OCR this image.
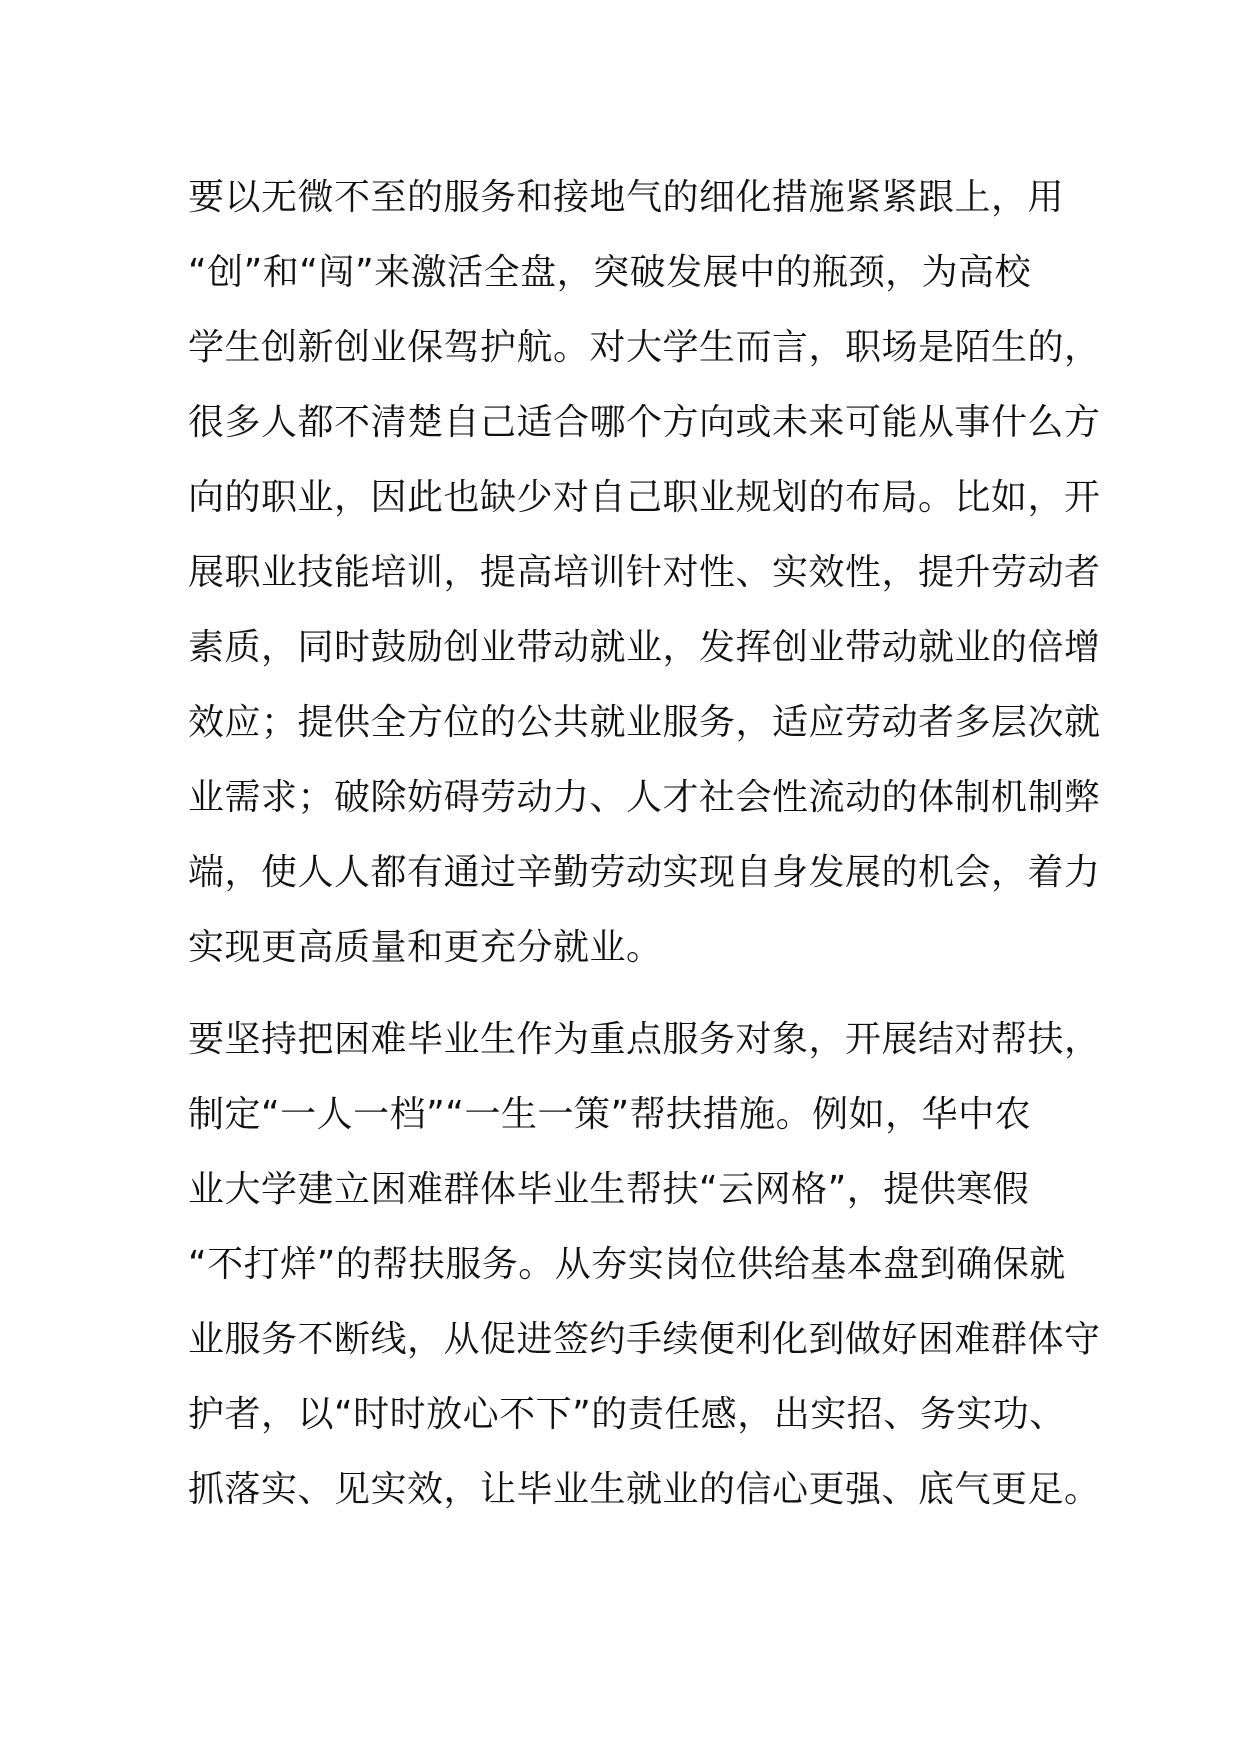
要以无微不至的服务和接地气的细化措施紧紧跟上，用
“创”和“闯”来激活全盘，突破发展中的瓶颈，为高校
学生创新创业保驾护航。对大学生而言，职场是陌生的，
很多人都不清楚自己适合哪个方向或未来可能从事什么方
向的职业，因此也缺少对自己职业规划的布局。比如，开
展职业技能培训，提高培训针对性、实效性，提升劳动者
素质，同时鼓励创业带动就业，发挥创业带动就业的倍增
效应；提供全方位的公共就业服务，适应劳动者多层次就
业需求；破除妨碍劳动力、人才社会性流动的体制机制弊
端，使人人都有通过辛勤劳动实现自身发展的机会，着力
实现更高质量和更充分就业。
要坚持把困难毕业生作为重点服务对象，开展结对帮扶，
制定“一人一档”“一生一策”帮扶措施。例如，华中农
业大学建立困难群体毕业生帮扶“云网格”，提供寒假
“不打烊”的帮扶服务。从夯实岗位供给基本盘到确保就
业服务不断线，从促进签约手续便利化到做好困难群体守
护者，以“时时放心不下”的责任感，出实招、务实功、
抓落实、见实效，让毕业生就业的信心更强、底气更足。
